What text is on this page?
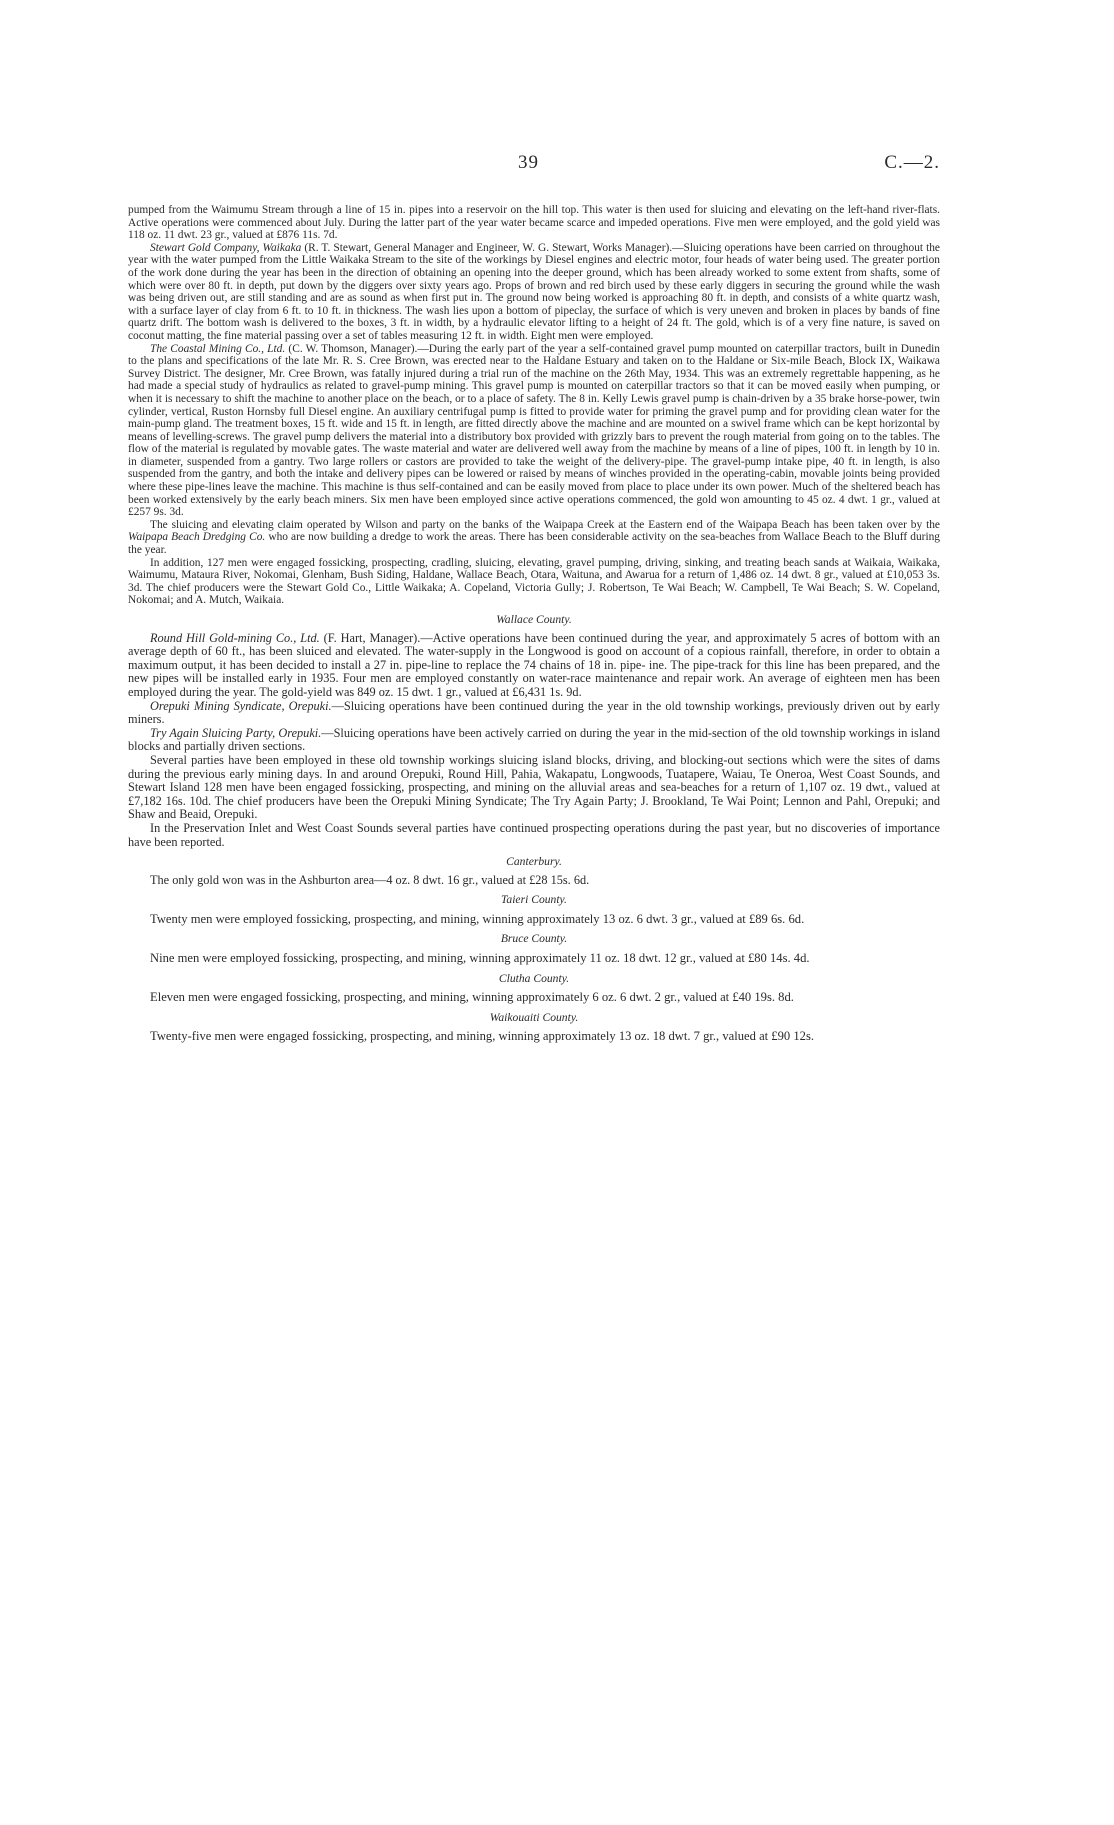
39	C.—2.

pumped from the Waimumu Stream through a line of 15 in. pipes into a reservoir on the hill top. This water is then used for sluicing and elevating on the left-hand river-flats. Active operations were commenced about July. During the latter part of the year water became scarce and impeded operations. Five men were employed, and the gold yield was 118 oz. 11 dwt. 23 gr., valued at £876 11s. 7d.

Stewart Gold Company, Waikaka (R. T. Stewart, General Manager and Engineer, W. G. Stewart, Works Manager).—Sluicing operations have been carried on throughout the year with the water pumped from the Little Waikaka Stream to the site of the workings by Diesel engines and electric motor, four heads of water being used. The greater portion of the work done during the year has been in the direction of obtaining an opening into the deeper ground, which has been already worked to some extent from shafts, some of which were over 80 ft. in depth, put down by the diggers over sixty years ago. Props of brown and red birch used by these early diggers in securing the ground while the wash was being driven out, are still standing and are as sound as when first put in. The ground now being worked is approaching 80 ft. in depth, and consists of a white quartz wash, with a surface layer of clay from 6 ft. to 10 ft. in thickness. The wash lies upon a bottom of pipeclay, the surface of which is very uneven and broken in places by bands of fine quartz drift. The bottom wash is delivered to the boxes, 3 ft. in width, by a hydraulic elevator lifting to a height of 24 ft. The gold, which is of a very fine nature, is saved on coconut matting, the fine material passing over a set of tables measuring 12 ft. in width. Eight men were employed.

The Coastal Mining Co., Ltd. (C. W. Thomson, Manager).—During the early part of the year a self-contained gravel pump mounted on caterpillar tractors, built in Dunedin to the plans and specifications of the late Mr. R. S. Cree Brown, was erected near to the Haldane Estuary and taken on to the Haldane or Six-mile Beach, Block IX, Waikawa Survey District. The designer, Mr. Cree Brown, was fatally injured during a trial run of the machine on the 26th May, 1934. This was an extremely regrettable happening, as he had made a special study of hydraulics as related to gravel-pump mining. This gravel pump is mounted on caterpillar tractors so that it can be moved easily when pumping, or when it is necessary to shift the machine to another place on the beach, or to a place of safety. The 8 in. Kelly Lewis gravel pump is chain-driven by a 35 brake horse-power, twin cylinder, vertical, Ruston Hornsby full Diesel engine. An auxiliary centrifugal pump is fitted to provide water for priming the gravel pump and for providing clean water for the main-pump gland. The treatment boxes, 15 ft. wide and 15 ft. in length, are fitted directly above the machine and are mounted on a swivel frame which can be kept horizontal by means of levelling-screws. The gravel pump delivers the material into a distributory box provided with grizzly bars to prevent the rough material from going on to the tables. The flow of the material is regulated by movable gates. The waste material and water are delivered well away from the machine by means of a line of pipes, 100 ft. in length by 10 in. in diameter, suspended from a gantry. Two large rollers or castors are provided to take the weight of the delivery-pipe. The gravel-pump intake pipe, 40 ft. in length, is also suspended from the gantry, and both the intake and delivery pipes can be lowered or raised by means of winches provided in the operating-cabin, movable joints being provided where these pipe-lines leave the machine. This machine is thus self-contained and can be easily moved from place to place under its own power. Much of the sheltered beach has been worked extensively by the early beach miners. Six men have been employed since active operations commenced, the gold won amounting to 45 oz. 4 dwt. 1 gr., valued at £257 9s. 3d.

The sluicing and elevating claim operated by Wilson and party on the banks of the Waipapa Creek at the Eastern end of the Waipapa Beach has been taken over by the Waipapa Beach Dredging Co. who are now building a dredge to work the areas. There has been considerable activity on the sea-beaches from Wallace Beach to the Bluff during the year.

In addition, 127 men were engaged fossicking, prospecting, cradling, sluicing, elevating, gravel pumping, driving, sinking, and treating beach sands at Waikaia, Waikaka, Waimumu, Mataura River, Nokomai, Glenham, Bush Siding, Haldane, Wallace Beach, Otara, Waituna, and Awarua for a return of 1,486 oz. 14 dwt. 8 gr., valued at £10,053 3s. 3d. The chief producers were the Stewart Gold Co., Little Waikaka; A. Copeland, Victoria Gully; J. Robertson, Te Wai Beach; W. Campbell, Te Wai Beach; S. W. Copeland, Nokomai; and A. Mutch, Waikaia.

Wallace County.

Round Hill Gold-mining Co., Ltd. (F. Hart, Manager).—Active operations have been continued during the year, and approximately 5 acres of bottom with an average depth of 60 ft., has been sluiced and elevated. The water-supply in the Longwood is good on account of a copious rainfall, therefore, in order to obtain a maximum output, it has been decided to install a 27 in. pipe-line to replace the 74 chains of 18 in. pipe- ine. The pipe-track for this line has been prepared, and the new pipes will be installed early in 1935. Four men are employed constantly on water-race maintenance and repair work. An average of eighteen men has been employed during the year. The gold-yield was 849 oz. 15 dwt. 1 gr., valued at £6,431 1s. 9d.

Orepuki Mining Syndicate, Orepuki.—Sluicing operations have been continued during the year in the old township workings, previously driven out by early miners.

Try Again Sluicing Party, Orepuki.—Sluicing operations have been actively carried on during the year in the mid-section of the old township workings in island blocks and partially driven sections.

Several parties have been employed in these old township workings sluicing island blocks, driving, and blocking-out sections which were the sites of dams during the previous early mining days. In and around Orepuki, Round Hill, Pahia, Wakapatu, Longwoods, Tuatapere, Waiau, Te Oneroa, West Coast Sounds, and Stewart Island 128 men have been engaged fossicking, prospecting, and mining on the alluvial areas and sea-beaches for a return of 1,107 oz. 19 dwt., valued at £7,182 16s. 10d. The chief producers have been the Orepuki Mining Syndicate; The Try Again Party; J. Brookland, Te Wai Point; Lennon and Pahl, Orepuki; and Shaw and Beaid, Orepuki.

In the Preservation Inlet and West Coast Sounds several parties have continued prospecting operations during the past year, but no discoveries of importance have been reported.

Canterbury.

The only gold won was in the Ashburton area—4 oz. 8 dwt. 16 gr., valued at £28 15s. 6d.

Taieri County.

Twenty men were employed fossicking, prospecting, and mining, winning approximately 13 oz. 6 dwt. 3 gr., valued at £89 6s. 6d.

Bruce County.

Nine men were employed fossicking, prospecting, and mining, winning approximately 11 oz. 18 dwt. 12 gr., valued at £80 14s. 4d.

Clutha County.

Eleven men were engaged fossicking, prospecting, and mining, winning approximately 6 oz. 6 dwt. 2 gr., valued at £40 19s. 8d.

Waikouaiti County.

Twenty-five men were engaged fossicking, prospecting, and mining, winning approximately 13 oz. 18 dwt. 7 gr., valued at £90 12s.
